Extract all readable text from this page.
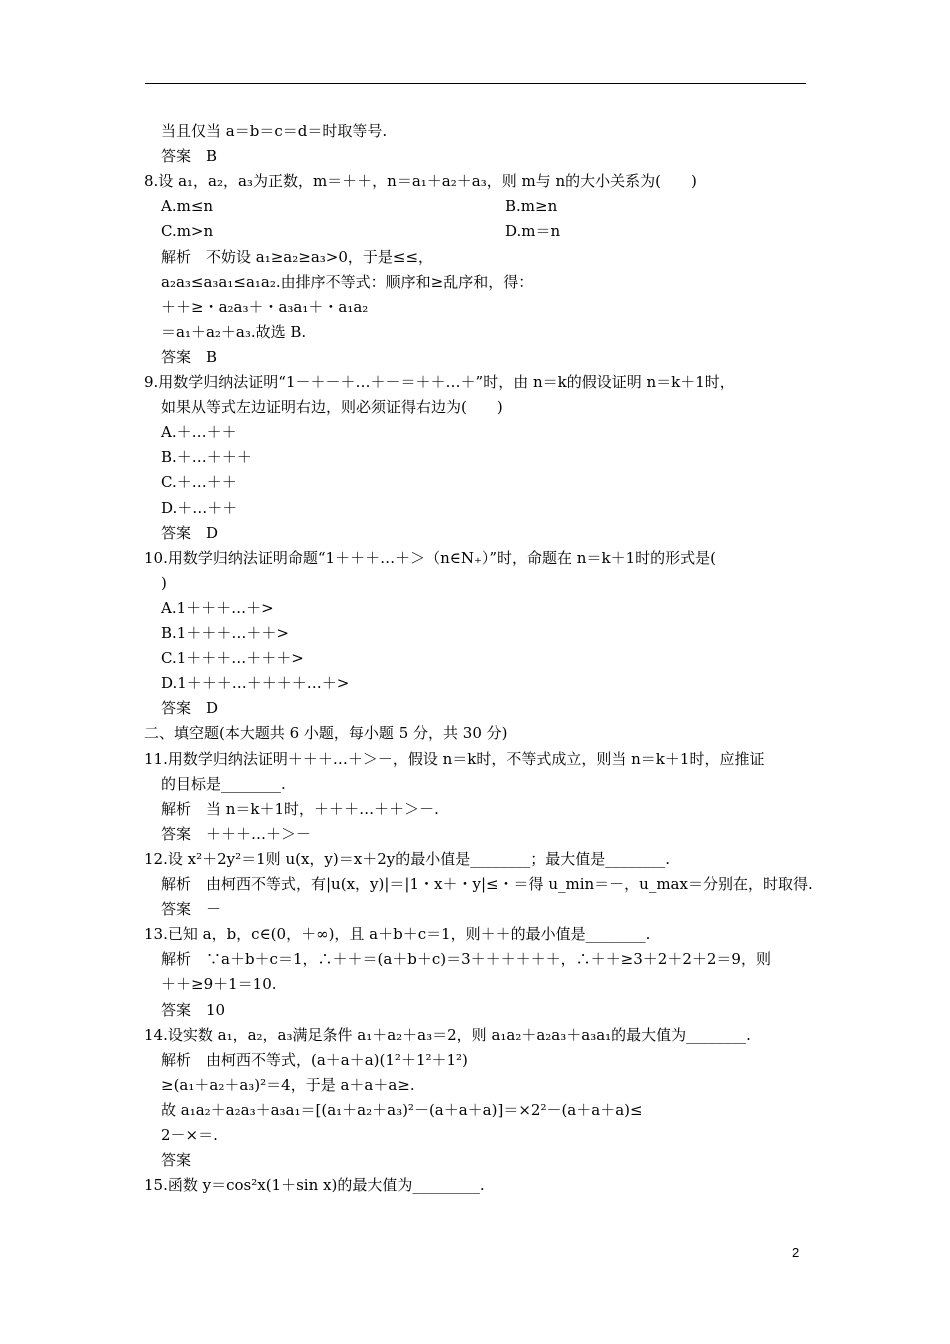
当且仅当 a＝b＝c＝d＝时取等号.
答案　B
8.设 a₁，a₂，a₃为正数，m＝＋＋，n＝a₁＋a₂＋a₃，则 m与 n的大小关系为(　　)
A.m≤n
C.m>n
解析　不妨设 a₁≥a₂≥a₃>0，于是≤≤，
a₂a₃≤a₃a₁≤a₁a₂.由排序不等式：顺序和≥乱序和，得：
＋＋≥・a₂a₃＋・a₃a₁＋・a₁a₂
＝a₁＋a₂＋a₃.故选 B.
答案　B
9.用数学归纳法证明“1－＋－＋…＋－＝＋＋…＋”时，由 n＝k的假设证明 n＝k＋1时，
如果从等式左边证明右边，则必须证得右边为(　　)
A.＋…＋＋
B.＋…＋＋＋
C.＋…＋＋
D.＋…＋＋
答案　D
10.用数学归纳法证明命题“1＋＋＋…＋＞（n∈N₊）”时，命题在 n＝k＋1时的形式是(
)
A.1＋＋＋…＋>
B.1＋＋＋…＋＋>
C.1＋＋＋…＋＋＋>
D.1＋＋＋…＋＋＋＋…＋>
答案　D
二、填空题(本大题共 6 小题，每小题 5 分，共 30 分)
11.用数学归纳法证明＋＋＋…＋＞－，假设 n＝k时，不等式成立，则当 n＝k＋1时，应推证
的目标是________.
解析　当 n＝k＋1时，＋＋＋…＋＋＞－.
答案　＋＋＋…＋＞－
12.设 x²＋2y²＝1则 u(x，y)＝x＋2y的最小值是________；最大值是________.
解析　由柯西不等式，有|u(x，y)|＝|1・x＋・y|≤・＝得 u_min＝－，u_max＝分别在，时取得.
答案　－
13.已知 a，b，c∈(0，＋∞)，且 a＋b＋c＝1，则＋＋的最小值是________.
解析　∵a＋b＋c＝1，∴＋＋＝(a＋b＋c)＝3＋＋＋＋＋＋，∴＋＋≥3＋2＋2＋2＝9，则
＋＋≥9＋1＝10.
答案　10
14.设实数 a₁，a₂，a₃满足条件 a₁＋a₂＋a₃＝2，则 a₁a₂＋a₂a₃＋a₃a₁的最大值为________.
解析　由柯西不等式，(a＋a＋a)(1²＋1²＋1²)
≥(a₁＋a₂＋a₃)²＝4，于是 a＋a＋a≥.
故 a₁a₂＋a₂a₃＋a₃a₁＝[(a₁＋a₂＋a₃)²－(a＋a＋a)]＝×2²－(a＋a＋a)≤
2－×＝.
答案
15.函数 y＝cos²x(1＋sin x)的最大值为_________.
B.m≥n
D.m＝n
2
